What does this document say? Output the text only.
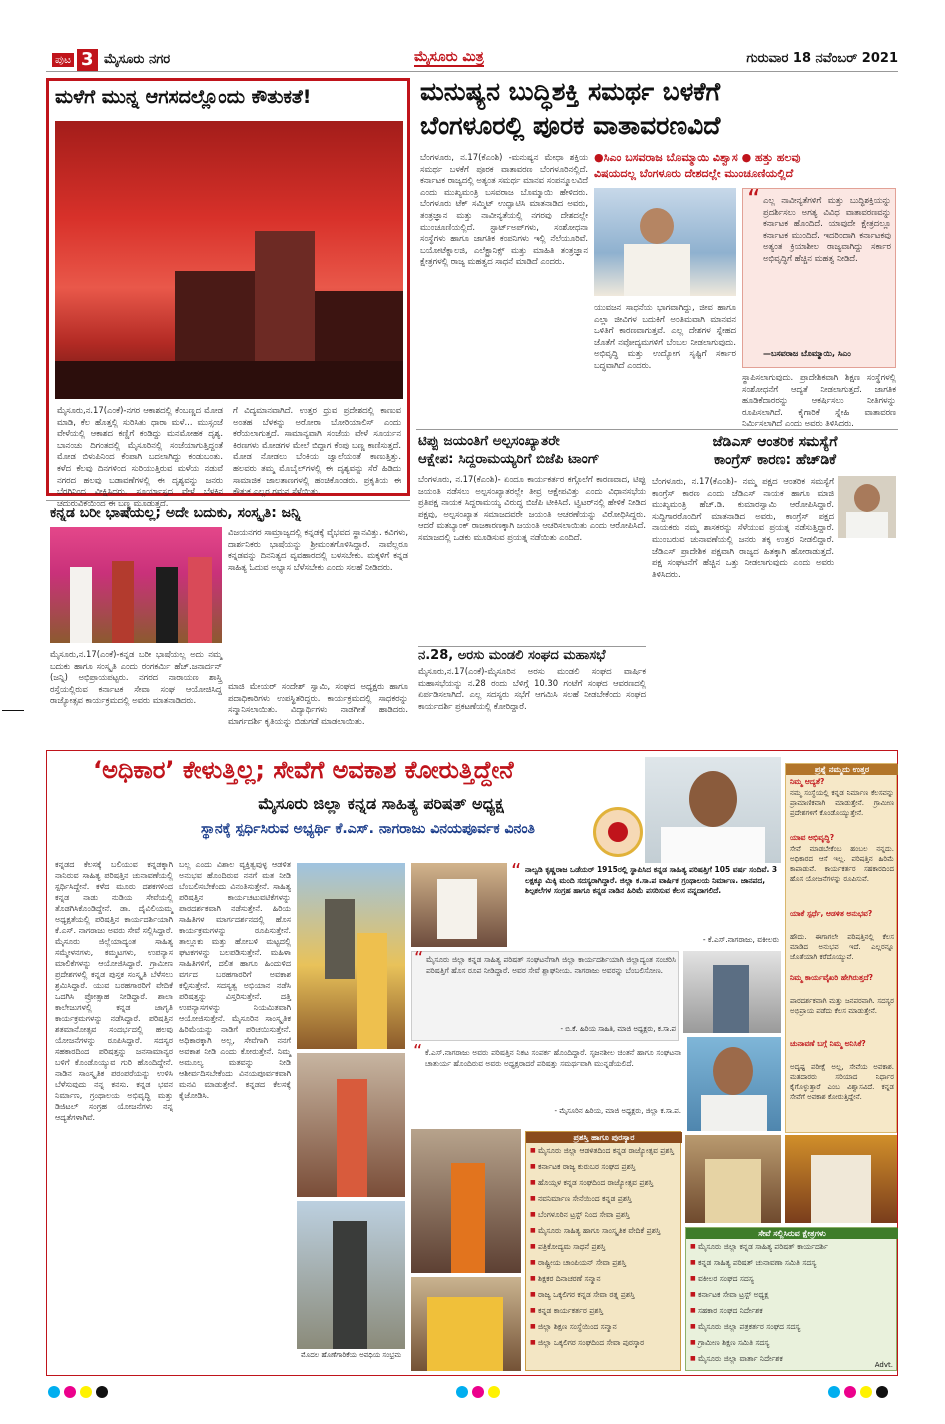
ಪುಟ 3 ಮೈಸೂರು ನಗರ	ಮೈಸೂರು ಮಿತ್ರ	ಗುರುವಾರ 18 ನವೆಂಬರ್ 2021
ಮಳೆಗೆ ಮುನ್ನ ಆಗಸದಲ್ಲೊಂದು ಕೌತುಕತೆ!
ಮೈಸೂರು,ನ.17(ಎಂಕೆ)-ನಗರ ಆಕಾಶದಲ್ಲಿ ಕೆಂಬಣ್ಣದ ಮೋಡ ಮಾಡಿ, ಕೆಲ ಹೊತ್ತಲ್ಲಿ ಸುರಿಸಿತು ಧಾರಾ ಮಳೆ... ಮುಸ್ಸಂಜೆ ವೇಳೆಯಲ್ಲಿ ಆಕಾಶದ ಕಣ್ಣಿಗೆ ಕಂಡಿದ್ದು ಮನಮೋಹಕ ದೃಶ್ಯ. ಬಾನಂಚು ದಿಗಂತದಲ್ಲಿ ಮೈಸೂರಿನಲ್ಲಿ ಸಂಜೆಯಾಗುತ್ತಿದ್ದಂತೆ ಮೋಡ ಬಿಳುಪಿನಿಂದ ಕೆಂಪಾಗಿ ಬದಲಾಗಿದ್ದು ಕಂಡುಬಂತು. ಕಳೆದ ಕೆಲವು ದಿನಗಳಿಂದ ಸುರಿಯುತ್ತಿರುವ ಮಳೆಯ ನಡುವೆ ನಗರದ ಹಲವು ಬಡಾವಣೆಗಳಲ್ಲಿ ಈ ದೃಶ್ಯವನ್ನು ಜನರು ಬೆರಗಿನಿಂದ ವೀಕ್ಷಿಸಿದರು. ಸೂರ್ಯಾಸ್ತದ ವೇಳೆ ಬೆಳಕಿನ ಚದುರುವಿಕೆಯಿಂದ ಈ ಬಣ್ಣ ಮೂಡುತ್ತದೆ.
ಗೆ ವಿದ್ಯಮಾನವಾಗಿದೆ. ಉತ್ತರ ಧ್ರುವ ಪ್ರದೇಶದಲ್ಲಿ ಕಾಣುವ ಅಂತಹ ಬೆಳಕನ್ನು ಅರೋರಾ ಬೋರಿಯಾಲಿಸ್ ಎಂದು ಕರೆಯಲಾಗುತ್ತದೆ. ಸಾಮಾನ್ಯವಾಗಿ ಸಂಜೆಯ ವೇಳೆ ಸೂರ್ಯನ ಕಿರಣಗಳು ಮೋಡಗಳ ಮೇಲೆ ಬಿದ್ದಾಗ ಕೆಂಪು ಬಣ್ಣ ಕಾಣಿಸುತ್ತದೆ. ಮೋಡ ನೋಡಲು ಬೆಂಕಿಯ ಜ್ವಾಲೆಯಂತೆ ಕಾಣುತ್ತಿತ್ತು. ಹಲವರು ತಮ್ಮ ಮೊಬೈಲ್‌ಗಳಲ್ಲಿ ಈ ದೃಶ್ಯವನ್ನು ಸೆರೆ ಹಿಡಿದು ಸಾಮಾಜಿಕ ಜಾಲತಾಣಗಳಲ್ಲಿ ಹಂಚಿಕೊಂಡರು. ಪ್ರಕೃತಿಯ ಈ ಕೌತುಕ ಎಲ್ಲರ ಗಮನ ಸೆಳೆಯಿತು.
ಮನುಷ್ಯನ ಬುದ್ಧಿಶಕ್ತಿ ಸಮರ್ಥ ಬಳಕೆಗೆ
ಬೆಂಗಳೂರಲ್ಲಿ ಪೂರಕ ವಾತಾವರಣವಿದೆ
ಬೆಂಗಳೂರು, ನ.17(ಕೆಎಂಶಿ) -ಮನುಷ್ಯನ ಮೇಧಾ ಶಕ್ತಿಯ ಸಮರ್ಥ ಬಳಕೆಗೆ ಪೂರಕ ವಾತಾವರಣ ಬೆಂಗಳೂರಿನಲ್ಲಿದೆ. ಕರ್ನಾಟಕ ರಾಜ್ಯದಲ್ಲಿ ಅತ್ಯಂತ ಸಮರ್ಥ ಮಾನವ ಸಂಪನ್ಮೂಲವಿದೆ ಎಂದು ಮುಖ್ಯಮಂತ್ರಿ ಬಸವರಾಜ ಬೊಮ್ಮಾಯಿ ಹೇಳಿದರು. ಬೆಂಗಳೂರು ಟೆಕ್ ಸಮ್ಮಿಟ್ ಉದ್ಘಾಟಿಸಿ ಮಾತನಾಡಿದ ಅವರು, ತಂತ್ರಜ್ಞಾನ ಮತ್ತು ನಾವೀನ್ಯತೆಯಲ್ಲಿ ನಗರವು ದೇಶದಲ್ಲೇ ಮುಂಚೂಣಿಯಲ್ಲಿದೆ. ಸ್ಟಾರ್ಟ್‌ಅಪ್‌ಗಳು, ಸಂಶೋಧನಾ ಸಂಸ್ಥೆಗಳು ಹಾಗೂ ಜಾಗತಿಕ ಕಂಪನಿಗಳು ಇಲ್ಲಿ ನೆಲೆಯೂರಿವೆ. ಬಯೋಟೆಕ್ನಾಲಜಿ, ಎಲೆಕ್ಟ್ರಾನಿಕ್ಸ್ ಮತ್ತು ಮಾಹಿತಿ ತಂತ್ರಜ್ಞಾನ ಕ್ಷೇತ್ರಗಳಲ್ಲಿ ರಾಜ್ಯ ಮಹತ್ವದ ಸಾಧನೆ ಮಾಡಿದೆ ಎಂದರು.
●ಸಿಎಂ ಬಸವರಾಜ ಬೊಮ್ಮಾಯಿ ವಿಶ್ವಾಸ ● ಹತ್ತು ಹಲವು
ವಿಷಯದಲ್ಲ ಬೆಂಗಳೂರು ದೇಶದಲ್ಲೇ ಮುಂಚೂಣಿಯಲ್ಲಿದೆ
ಯುವಜನ ಸಾಧನೆಯ ಭಾಗವಾಗಿದ್ದು, ಜೀವ ಹಾಗೂ ಎಲ್ಲಾ ಜೀವಿಗಳ ಬದುಕಿಗೆ ಅಂತಿಮವಾಗಿ ಮಾನವನ ಒಳಿತಿಗೆ ಕಾರಣವಾಗುತ್ತವೆ. ಎಲ್ಲ ದೇಶಗಳ ಸ್ನೇಹದ ಜೊತೆಗೆ ನವೋದ್ಯಮಗಳಿಗೆ ಬೆಂಬಲ ನೀಡಲಾಗುವುದು. ಅಭಿವೃದ್ಧಿ ಮತ್ತು ಉದ್ಯೋಗ ಸೃಷ್ಟಿಗೆ ಸರ್ಕಾರ ಬದ್ಧವಾಗಿದೆ ಎಂದರು.
“ ಎಲ್ಲ ನಾವೀನ್ಯತೆಗಳಿಗೆ ಮತ್ತು ಬುದ್ಧಿಶಕ್ತಿಯನ್ನು ಪ್ರದರ್ಶಿಸಲು ಅಗತ್ಯ ವಿವಿಧ ವಾತಾವರಣವನ್ನು ಕರ್ನಾಟಕ ಹೊಂದಿದೆ. ಯಾವುದೇ ಕ್ಷೇತ್ರದಲ್ಲೂ ಕರ್ನಾಟಕ ಮುಂದಿದೆ. ಇದರಿಂದಾಗಿ ಕರ್ನಾಟಕವು ಅತ್ಯಂತ ಕ್ರಿಯಾಶೀಲ ರಾಜ್ಯವಾಗಿದ್ದು ಸರ್ಕಾರ ಅಭಿವೃದ್ಧಿಗೆ ಹೆಚ್ಚಿನ ಮಹತ್ವ ನೀಡಿದೆ.
—ಬಸವರಾಜ ಬೊಮ್ಮಾಯಿ, ಸಿಎಂ
ಸ್ಥಾಪಿಸಲಾಗುವುದು. ಪ್ರಾದೇಶಿಕವಾಗಿ ಶಿಕ್ಷಣ ಸಂಸ್ಥೆಗಳಲ್ಲಿ ಸಂಶೋಧನೆಗೆ ಆದ್ಯತೆ ನೀಡಲಾಗುತ್ತದೆ. ಜಾಗತಿಕ ಹೂಡಿಕೆದಾರರನ್ನು ಆಕರ್ಷಿಸಲು ನೀತಿಗಳನ್ನು ರೂಪಿಸಲಾಗಿದೆ. ಕೈಗಾರಿಕೆ ಸ್ನೇಹಿ ವಾತಾವರಣ ನಿರ್ಮಿಸಲಾಗಿದೆ ಎಂದು ಅವರು ತಿಳಿಸಿದರು.
ಟಿಪ್ಪು ಜಯಂತಿಗೆ ಅಲ್ಪಸಂಖ್ಯಾತರೇ
ಆಕ್ಷೇಪ: ಸಿದ್ದರಾಮಯ್ಯರಿಗೆ ಬಿಜೆಪಿ ಟಾಂಗ್
ಬೆಂಗಳೂರು, ನ.17(ಕೆಎಂಶಿ)- ಏಂದೂ ಕಾರ್ಯಕರ್ತರ ಕಗ್ಗೊಲೆಗೆ ಕಾರಣವಾದ, ಟಿಪ್ಪು ಜಯಂತಿ ನಡೆಸಲು ಅಲ್ಪಸಂಖ್ಯಾತರಲ್ಲೇ ತೀವ್ರ ಆಕ್ಷೇಪವಿತ್ತು ಎಂದು ವಿಧಾನಸಭೆಯ ಪ್ರತಿಪಕ್ಷ ನಾಯಕ ಸಿದ್ದರಾಮಯ್ಯ ವಿರುದ್ಧ ಬಿಜೆಪಿ ಟೀಕಿಸಿದೆ. ಟ್ವಿಟರ್‌ನಲ್ಲಿ ಹೇಳಿಕೆ ನೀಡಿದ ಪಕ್ಷವು, ಅಲ್ಪಸಂಖ್ಯಾತ ಸಮಾಜದವರೇ ಜಯಂತಿ ಆಚರಣೆಯನ್ನು ವಿರೋಧಿಸಿದ್ದರು. ಆದರೆ ಮತಬ್ಯಾಂಕ್ ರಾಜಕಾರಣಕ್ಕಾಗಿ ಜಯಂತಿ ಆಚರಿಸಲಾಯಿತು ಎಂದು ಆರೋಪಿಸಿದೆ. ಸಮಾಜದಲ್ಲಿ ಒಡಕು ಮೂಡಿಸುವ ಪ್ರಯತ್ನ ನಡೆಯಿತು ಎಂದಿದೆ.
ನ.28, ಅರಸು ಮಂಡಲಿ ಸಂಘದ ಮಹಾಸಭೆ
ಮೈಸೂರು,ನ.17(ಎಂಕೆ)-ಮೈಸೂರಿನ ಅರಸು ಮಂಡಲಿ ಸಂಘದ ವಾರ್ಷಿಕ ಮಹಾಸಭೆಯನ್ನು ನ.28 ರಂದು ಬೆಳಿಗ್ಗೆ 10.30 ಗಂಟೆಗೆ ಸಂಘದ ಆವರಣದಲ್ಲಿ ಏರ್ಪಡಿಸಲಾಗಿದೆ. ಎಲ್ಲ ಸದಸ್ಯರು ಸಭೆಗೆ ಆಗಮಿಸಿ ಸಲಹೆ ನೀಡಬೇಕೆಂದು ಸಂಘದ ಕಾರ್ಯದರ್ಶಿ ಪ್ರಕಟಣೆಯಲ್ಲಿ ಕೋರಿದ್ದಾರೆ.
ಜೆಡಿಎಸ್ ಆಂತರಿಕ ಸಮಸ್ಯೆಗೆ
ಕಾಂಗ್ರೆಸ್ ಕಾರಣ: ಹೆಚ್‌ಡಿಕೆ
ಬೆಂಗಳೂರು, ನ.17(ಕೆಎಂಶಿ)- ನಮ್ಮ ಪಕ್ಷದ ಆಂತರಿಕ ಸಮಸ್ಯೆಗೆ ಕಾಂಗ್ರೆಸ್ ಕಾರಣ ಎಂದು ಜೆಡಿಎಸ್ ನಾಯಕ ಹಾಗೂ ಮಾಜಿ ಮುಖ್ಯಮಂತ್ರಿ ಹೆಚ್.ಡಿ. ಕುಮಾರಸ್ವಾಮಿ ಆರೋಪಿಸಿದ್ದಾರೆ. ಸುದ್ದಿಗಾರರೊಂದಿಗೆ ಮಾತನಾಡಿದ ಅವರು, ಕಾಂಗ್ರೆಸ್ ಪಕ್ಷದ ನಾಯಕರು ನಮ್ಮ ಶಾಸಕರನ್ನು ಸೆಳೆಯುವ ಪ್ರಯತ್ನ ನಡೆಸುತ್ತಿದ್ದಾರೆ. ಮುಂಬರುವ ಚುನಾವಣೆಯಲ್ಲಿ ಜನರು ತಕ್ಕ ಉತ್ತರ ನೀಡಲಿದ್ದಾರೆ. ಜೆಡಿಎಸ್ ಪ್ರಾದೇಶಿಕ ಪಕ್ಷವಾಗಿ ರಾಜ್ಯದ ಹಿತಕ್ಕಾಗಿ ಹೋರಾಡುತ್ತದೆ. ಪಕ್ಷ ಸಂಘಟನೆಗೆ ಹೆಚ್ಚಿನ ಒತ್ತು ನೀಡಲಾಗುವುದು ಎಂದು ಅವರು ತಿಳಿಸಿದರು.
ಕನ್ನಡ ಬರೀ ಭಾಷೆಯಲ್ಲ; ಅದೇ ಬದುಕು, ಸಂಸ್ಕೃತಿ: ಜನ್ನಿ
ಮೈಸೂರು,ನ.17(ಎಂಕೆ)-ಕನ್ನಡ ಬರೀ ಭಾಷೆಯಲ್ಲ ಅದು ನಮ್ಮ ಬದುಕು ಹಾಗೂ ಸಂಸ್ಕೃತಿ ಎಂದು ರಂಗಕರ್ಮಿ ಹೆಚ್.ಜನಾರ್ದನ್ (ಜನ್ನಿ) ಅಭಿಪ್ರಾಯಪಟ್ಟರು. ನಗರದ ನಾರಾಯಣ ಶಾಸ್ತ್ರಿ ರಸ್ತೆಯಲ್ಲಿರುವ ಕರ್ನಾಟಕ ಸೇವಾ ಸಂಘ ಆಯೋಜಿಸಿದ್ದ ರಾಜ್ಯೋತ್ಸವ ಕಾರ್ಯಕ್ರಮದಲ್ಲಿ ಅವರು ಮಾತನಾಡಿದರು.
ವಿಜಯನಗರ ಸಾಮ್ರಾಜ್ಯದಲ್ಲಿ ಕನ್ನಡಕ್ಕೆ ವೈಭವದ ಸ್ಥಾನವಿತ್ತು. ಕವಿಗಳು, ದಾರ್ಶನಿಕರು ಭಾಷೆಯನ್ನು ಶ್ರೀಮಂತಗೊಳಿಸಿದ್ದಾರೆ. ನಾವೆಲ್ಲರೂ ಕನ್ನಡವನ್ನು ದಿನನಿತ್ಯದ ವ್ಯವಹಾರದಲ್ಲಿ ಬಳಸಬೇಕು. ಮಕ್ಕಳಿಗೆ ಕನ್ನಡ ಸಾಹಿತ್ಯ ಓದುವ ಅಭ್ಯಾಸ ಬೆಳೆಸಬೇಕು ಎಂದು ಸಲಹೆ ನೀಡಿದರು.
ಮಾಜಿ ಮೇಯರ್ ಸಂದೇಶ್ ಸ್ವಾಮಿ, ಸಂಘದ ಅಧ್ಯಕ್ಷರು ಹಾಗೂ ಪದಾಧಿಕಾರಿಗಳು ಉಪಸ್ಥಿತರಿದ್ದರು. ಕಾರ್ಯಕ್ರಮದಲ್ಲಿ ಸಾಧಕರನ್ನು ಸನ್ಮಾನಿಸಲಾಯಿತು. ವಿದ್ಯಾರ್ಥಿಗಳು ನಾಡಗೀತೆ ಹಾಡಿದರು. ಮಾರ್ಗದರ್ಶಿ ಕೃತಿಯನ್ನು ಬಿಡುಗಡೆ ಮಾಡಲಾಯಿತು.
‘ಅಧಿಕಾರ’ ಕೇಳುತ್ತಿಲ್ಲ; ಸೇವೆಗೆ ಅವಕಾಶ ಕೋರುತ್ತಿದ್ದೇನೆ
ಮೈಸೂರು ಜಿಲ್ಲಾ ಕನ್ನಡ ಸಾಹಿತ್ಯ ಪರಿಷತ್ ಅಧ್ಯಕ್ಷ
ಸ್ಥಾನಕ್ಕೆ ಸ್ಪರ್ಧಿಸಿರುವ ಅಭ್ಯರ್ಥಿ ಕೆ.ಎಸ್. ನಾಗರಾಜು ವಿನಯಪೂರ್ವಕ ವಿನಂತಿ
ಪ್ರಶ್ನೆ ನಮ್ಮದು ಉತ್ತರ
ನಿಮ್ಮ ಆದ್ಯತೆ?
ನಮ್ಮ ಸಂಸ್ಥೆಯಲ್ಲಿ ಕನ್ನಡ ನಿರ್ಮಾಣ ಕೆಲಸವನ್ನು ಪ್ರಾಮಾಣಿಕವಾಗಿ ಮಾಡುತ್ತೇನೆ. ಗ್ರಾಮೀಣ ಪ್ರದೇಶಗಳಿಗೆ ಕೊಂಡೊಯ್ಯುತ್ತೇನೆ.
ಯಾವ ಅಭಿವೃದ್ಧಿ?
ಸೇವೆ ಮಾಡಬೇಕೆಂಬ ಹಂಬಲ ನನ್ನದು. ಅಧಿಕಾರದ ಆಸೆ ಇಲ್ಲ. ಪರಿಷತ್ತಿನ ಹಿರಿಮೆ ಕಾಪಾಡುವೆ. ಕಾರ್ಯಕರ್ತರ ಸಹಕಾರದಿಂದ ಹೊಸ ಯೋಜನೆಗಳನ್ನು ರೂಪಿಸುವೆ.
ಯಾಕೆ ಸ್ಪರ್ಧೆ, ಆಡಳಿತ ಅನುಭವ?
ಹೌದು. ಈಗಾಗಲೇ ಪರಿಷತ್ತಿನಲ್ಲಿ ಕೆಲಸ ಮಾಡಿದ ಅನುಭವ ಇದೆ. ಎಲ್ಲರನ್ನೂ ಜೊತೆಯಾಗಿ ಕರೆದೊಯ್ಯುವೆ.
ನಿಮ್ಮ ಕಾರ್ಯವೈಖರಿ ಹೇಗಿರುತ್ತದೆ?
ಪಾರದರ್ಶಕವಾಗಿ ಮತ್ತು ಜನಪರವಾಗಿ. ಸದಸ್ಯರ ಅಭಿಪ್ರಾಯ ಪಡೆದು ಕೆಲಸ ಮಾಡುತ್ತೇನೆ.
ಚುನಾವಣೆ ಬಗ್ಗೆ ನಿಮ್ಮ ಅನಿಸಿಕೆ?
ಅದೃಷ್ಟ ಪರೀಕ್ಷೆ ಅಲ್ಲ, ಸೇವೆಯ ಅವಕಾಶ. ಮತದಾರರು ಸರಿಯಾದ ನಿರ್ಧಾರ ಕೈಗೊಳ್ಳುತ್ತಾರೆ ಎಂಬ ವಿಶ್ವಾಸವಿದೆ. ಕನ್ನಡ ಸೇವೆಗೆ ಅವಕಾಶ ಕೋರುತ್ತಿದ್ದೇನೆ.
ಕನ್ನಡದ ಕೆಲಸಕ್ಕೆ ಬಲಿಯುವ ಕನ್ನಡಕ್ಕಾಗಿ ನಾನಿರುವ ಸಾಹಿತ್ಯ ಪರಿಷತ್ತಿನ ಚುನಾವಣೆಯಲ್ಲಿ ಸ್ಪರ್ಧಿಸಿದ್ದೇನೆ. ಕಳೆದ ಮೂರು ದಶಕಗಳಿಂದ ಕನ್ನಡ ನಾಡು ನುಡಿಯ ಸೇವೆಯಲ್ಲಿ ತೊಡಗಿಸಿಕೊಂಡಿದ್ದೇನೆ. ಡಾ. ದೈವಿಲಿಯಮ್ಮ ಅಧ್ಯಕ್ಷತೆಯಲ್ಲಿ ಪರಿಷತ್ತಿನ ಕಾರ್ಯದರ್ಶಿಯಾಗಿ ಕೆ.ಎಸ್. ನಾಗರಾಜು ಅವರು ಸೇವೆ ಸಲ್ಲಿಸಿದ್ದಾರೆ. ಮೈಸೂರು ಜಿಲ್ಲೆಯಾದ್ಯಂತ ಸಾಹಿತ್ಯ ಸಮ್ಮೇಳನಗಳು, ಕಮ್ಮಟಗಳು, ಉಪನ್ಯಾಸ ಮಾಲಿಕೆಗಳನ್ನು ಆಯೋಜಿಸಿದ್ದಾರೆ. ಗ್ರಾಮೀಣ ಪ್ರದೇಶಗಳಲ್ಲಿ ಕನ್ನಡ ಪುಸ್ತಕ ಸಂಸ್ಕೃತಿ ಬೆಳೆಸಲು ಶ್ರಮಿಸಿದ್ದಾರೆ. ಯುವ ಬರಹಗಾರರಿಗೆ ವೇದಿಕೆ ಒದಗಿಸಿ ಪ್ರೋತ್ಸಾಹ ನೀಡಿದ್ದಾರೆ. ಶಾಲಾ ಕಾಲೇಜುಗಳಲ್ಲಿ ಕನ್ನಡ ಜಾಗೃತಿ ಕಾರ್ಯಕ್ರಮಗಳನ್ನು ನಡೆಸಿದ್ದಾರೆ. ಪರಿಷತ್ತಿನ ಶತಮಾನೋತ್ಸವ ಸಂದರ್ಭದಲ್ಲಿ ಹಲವು ಯೋಜನೆಗಳನ್ನು ರೂಪಿಸಿದ್ದಾರೆ. ಸದಸ್ಯರ ಸಹಕಾರದಿಂದ ಪರಿಷತ್ತನ್ನು ಜನಸಾಮಾನ್ಯರ ಬಳಿಗೆ ಕೊಂಡೊಯ್ಯುವ ಗುರಿ ಹೊಂದಿದ್ದೇನೆ. ನಾಡಿನ ಸಾಂಸ್ಕೃತಿಕ ಪರಂಪರೆಯನ್ನು ಉಳಿಸಿ ಬೆಳೆಸುವುದು ನನ್ನ ಕನಸು. ಕನ್ನಡ ಭವನ ನಿರ್ಮಾಣ, ಗ್ರಂಥಾಲಯ ಅಭಿವೃದ್ಧಿ ಮತ್ತು ಡಿಜಿಟಲ್ ಸಂಗ್ರಹ ಯೋಜನೆಗಳು ನನ್ನ ಆದ್ಯತೆಗಳಾಗಿವೆ.
ಬಲ್ಲ ಎಂದು ವಿಶಾಲ ವ್ಯಕ್ತಿತ್ವವುಳ್ಳ ಆಡಳಿತ ಅನುಭವ ಹೊಂದಿರುವ ನನಗೆ ಮತ ನೀಡಿ ಬೆಂಬಲಿಸಬೇಕೆಂದು ವಿನಂತಿಸುತ್ತೇನೆ. ಸಾಹಿತ್ಯ ಪರಿಷತ್ತಿನ ಕಾರ್ಯಚಟುವಟಿಕೆಗಳನ್ನು ಪಾರದರ್ಶಕವಾಗಿ ನಡೆಸುತ್ತೇನೆ. ಹಿರಿಯ ಸಾಹಿತಿಗಳ ಮಾರ್ಗದರ್ಶನದಲ್ಲಿ ಹೊಸ ಕಾರ್ಯಕ್ರಮಗಳನ್ನು ರೂಪಿಸುತ್ತೇನೆ. ತಾಲ್ಲೂಕು ಮತ್ತು ಹೋಬಳಿ ಮಟ್ಟದಲ್ಲಿ ಘಟಕಗಳನ್ನು ಬಲಪಡಿಸುತ್ತೇನೆ. ಮಹಿಳಾ ಸಾಹಿತಿಗಳಿಗೆ, ದಲಿತ ಹಾಗೂ ಹಿಂದುಳಿದ ವರ್ಗದ ಬರಹಗಾರರಿಗೆ ಅವಕಾಶ ಕಲ್ಪಿಸುತ್ತೇನೆ. ಸದಸ್ಯತ್ವ ಅಭಿಯಾನ ನಡೆಸಿ ಪರಿಷತ್ತನ್ನು ವಿಸ್ತರಿಸುತ್ತೇನೆ. ದತ್ತಿ ಉಪನ್ಯಾಸಗಳನ್ನು ನಿಯಮಿತವಾಗಿ ಆಯೋಜಿಸುತ್ತೇನೆ. ಮೈಸೂರಿನ ಸಾಂಸ್ಕೃತಿಕ ಹಿರಿಮೆಯನ್ನು ನಾಡಿಗೆ ಪರಿಚಯಿಸುತ್ತೇನೆ. ಅಧಿಕಾರಕ್ಕಾಗಿ ಅಲ್ಲ, ಸೇವೆಗಾಗಿ ನನಗೆ ಅವಕಾಶ ನೀಡಿ ಎಂದು ಕೋರುತ್ತೇನೆ. ನಿಮ್ಮ ಅಮೂಲ್ಯ ಮತವನ್ನು ನೀಡಿ ಆಶೀರ್ವದಿಸಬೇಕೆಂದು ವಿನಯಪೂರ್ವಕವಾಗಿ ಮನವಿ ಮಾಡುತ್ತೇನೆ. ಕನ್ನಡದ ಕೆಲಸಕ್ಕೆ ಕೈಜೋಡಿಸಿ.
ಮೊದಲ ಹೊಣೆಗಾರಿಕೆಯ ಅವಧಿಯ ಸಂಭ್ರಮ
“ ನಾಲ್ವಡಿ ಕೃಷ್ಣರಾಜ ಒಡೆಯರ್ 1915ರಲ್ಲಿ ಸ್ಥಾಪಿಸಿದ ಕನ್ನಡ ಸಾಹಿತ್ಯ ಪರಿಷತ್ತಿಗೆ 105 ವರ್ಷ ಸಂದಿವೆ. 3 ಲಕ್ಷಕ್ಕೂ ಮಿಕ್ಕಿ ಮಂದಿ ಸದಸ್ಯರಾಗಿದ್ದಾರೆ. ಜಿಲ್ಲಾ ಕ.ಸಾ.ಪ ವಾರ್ಷಿಕ ಗ್ರಂಥಾಲಯ ನಿರ್ಮಾಣ. ಜಾನಪದ, ಶಿಲ್ಪಕಲೆಗಳ ಸಂಗ್ರಹ ಹಾಗೂ ಕನ್ನಡ ನಾಡಿನ ಹಿರಿಮೆ ಪಸರಿಸುವ ಕೆಲಸ ನನ್ನದಾಗಲಿದೆ.
- ಕೆ.ಎಸ್.ನಾಗರಾಜು, ವಕೀಲರು
“ ಮೈಸೂರು ಜಿಲ್ಲಾ ಕನ್ನಡ ಸಾಹಿತ್ಯ ಪರಿಷತ್ ಸಂಘಟನೆಗಾಗಿ ಜಿಲ್ಲಾ ಕಾರ್ಯದರ್ಶಿಯಾಗಿ ಜಿಲ್ಲಾದ್ಯಂತ ಸಂಚರಿಸಿ ಪರಿಷತ್ತಿಗೆ ಹೊಸ ರೂಪ ನೀಡಿದ್ದಾರೆ. ಅವರ ಸೇವೆ ಶ್ಲಾಘನೀಯ. ನಾಗರಾಜು ಅವರನ್ನು ಬೆಂಬಲಿಸೋಣ.
- ಬಿ.ಕೆ. ಹಿರಿಯ ಸಾಹಿತಿ, ಮಾಜಿ ಅಧ್ಯಕ್ಷರು, ಕ.ಸಾ.ಪ
“ ಕೆ.ಎಸ್.ನಾಗರಾಜು ಅವರು ಪರಿಷತ್ತಿನ ನಿಕಟ ಸಂಪರ್ಕ ಹೊಂದಿದ್ದಾರೆ. ಸೃಜನಶೀಲ ಚಿಂತನೆ ಹಾಗೂ ಸಂಘಟನಾ ಚಾತುರ್ಯ ಹೊಂದಿರುವ ಅವರು ಅಧ್ಯಕ್ಷರಾದರೆ ಪರಿಷತ್ತು ಸಮರ್ಥವಾಗಿ ಮುನ್ನಡೆಯಲಿದೆ.
- ಮೈಸೂರಿನ ಹಿರಿಯ, ಮಾಜಿ ಅಧ್ಯಕ್ಷರು, ಜಿಲ್ಲಾ ಕ.ಸಾ.ಪ.
ಪ್ರಶಸ್ತಿ ಹಾಗೂ ಪುರಸ್ಕಾರ
■ ಮೈಸೂರು ಜಿಲ್ಲಾ ಆಡಳಿತದಿಂದ ಕನ್ನಡ ರಾಜ್ಯೋತ್ಸವ ಪ್ರಶಸ್ತಿ
■ ಕರ್ನಾಟಕ ರಾಜ್ಯ ಕುರುಬರ ಸಂಘದ ಪ್ರಶಸ್ತಿ
■ ಹೊಯ್ಸಳ ಕನ್ನಡ ಸಂಘದಿಂದ ರಾಜ್ಯೋತ್ಸವ ಪ್ರಶಸ್ತಿ
■ ನವನಿರ್ಮಾಣ ಸೇನೆಯಿಂದ ಕನ್ನಡ ಪ್ರಶಸ್ತಿ
■ ಬೆಂಗಳೂರಿನ ಟ್ರಸ್ಟ್ ನಿಂದ ಸೇವಾ ಪ್ರಶಸ್ತಿ
■ ಮೈಸೂರು ಸಾಹಿತ್ಯ ಹಾಗೂ ಸಾಂಸ್ಕೃತಿಕ ವೇದಿಕೆ ಪ್ರಶಸ್ತಿ
■ ಪತ್ರಿಕೋದ್ಯಮ ಸಾಧನೆ ಪ್ರಶಸ್ತಿ
■ ರಾಷ್ಟ್ರೀಯ ಚಾಂಪಿಯನ್ ಸೇವಾ ಪ್ರಶಸ್ತಿ
■ ಶಿಕ್ಷಕರ ದಿನಾಚರಣೆ ಸನ್ಮಾನ
■ ರಾಜ್ಯ ಒಕ್ಕಲಿಗರ ಕನ್ನಡ ಸೇವಾ ರತ್ನ ಪ್ರಶಸ್ತಿ
■ ಕನ್ನಡ ಕಾರ್ಯಕರ್ತರ ಪ್ರಶಸ್ತಿ
■ ಜಿಲ್ಲಾ ಶಿಕ್ಷಣ ಸಂಸ್ಥೆಯಿಂದ ಸನ್ಮಾನ
■ ಜಿಲ್ಲಾ ಒಕ್ಕಲಿಗರ ಸಂಘದಿಂದ ಸೇವಾ ಪುರಸ್ಕಾರ
ಸೇವೆ ಸಲ್ಲಿಸಿರುವ ಕ್ಷೇತ್ರಗಳು
■ ಮೈಸೂರು ಜಿಲ್ಲಾ ಕನ್ನಡ ಸಾಹಿತ್ಯ ಪರಿಷತ್ ಕಾರ್ಯದರ್ಶಿ
■ ಕನ್ನಡ ಸಾಹಿತ್ಯ ಪರಿಷತ್ ಚುನಾವಣಾ ಸಮಿತಿ ಸದಸ್ಯ
■ ವಕೀಲರ ಸಂಘದ ಸದಸ್ಯ
■ ಕರ್ನಾಟಕ ಸೇವಾ ಟ್ರಸ್ಟ್ ಅಧ್ಯಕ್ಷ
■ ಸಹಕಾರ ಸಂಘದ ನಿರ್ದೇಶಕ
■ ಮೈಸೂರು ಜಿಲ್ಲಾ ಪತ್ರಕರ್ತರ ಸಂಘದ ಸದಸ್ಯ
■ ಗ್ರಾಮೀಣ ಶಿಕ್ಷಣ ಸಮಿತಿ ಸದಸ್ಯ
■ ಮೈಸೂರು ಜಿಲ್ಲಾ ವಾರ್ತಾ ನಿರ್ದೇಶಕ
Advt.
